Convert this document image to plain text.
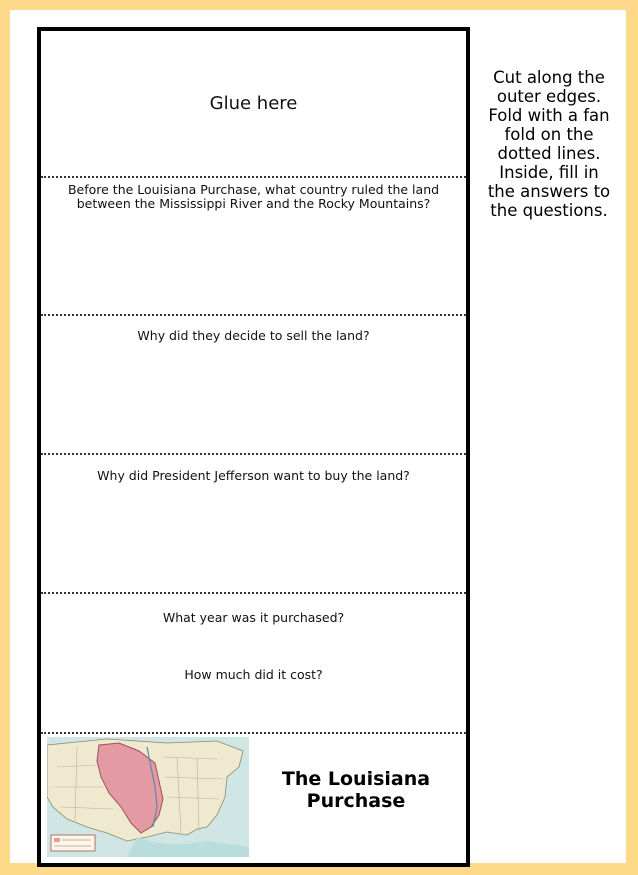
Glue here
Before the Louisiana Purchase, what country ruled the land between the Mississippi River and the Rocky Mountains?
Why did they decide to sell the land?
Why did President Jefferson want to buy the land?
What year was it purchased?
How much did it cost?
The Louisiana Purchase
Cut along the outer edges. Fold with a fan fold on the dotted lines. Inside, fill in the answers to the questions.
